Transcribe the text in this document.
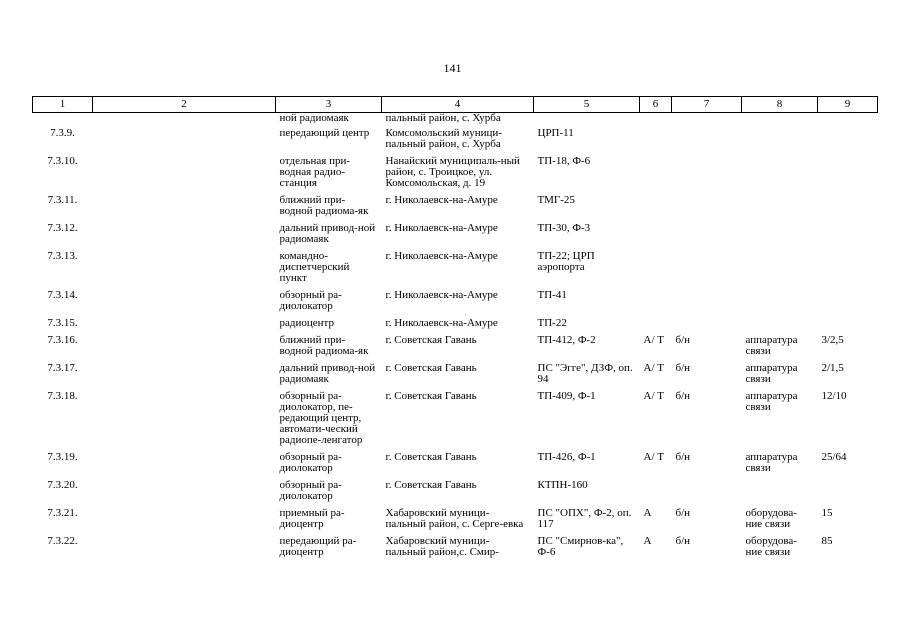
141
1	2	3	4	5	6	7	8	9
		ной радиомаяк	пальный район, с. Хурба					
7.3.9.		передающий центр	Комсомольский муници-пальный район, с. Хурба	ЦРП-11				
7.3.10.		отдельная при-водная радио-станция	Нанайский муниципаль-ный район, с. Троицкое, ул. Комсомольская, д. 19	ТП-18, Ф-6				
7.3.11.		ближний при-водной радиома-як	г. Николаевск-на-Амуре	ТМГ-25				
7.3.12.		дальний привод-ной радиомаяк	г. Николаевск-на-Амуре	ТП-30, Ф-3				
7.3.13.		командно-диспетчерский пункт	г. Николаевск-на-Амуре	ТП-22; ЦРП аэропорта				
7.3.14.		обзорный ра-диолокатор	г. Николаевск-на-Амуре	ТП-41				
7.3.15.		радиоцентр	г. Николаевск-на-Амуре	ТП-22				
7.3.16.		ближний при-водной радиома-як	г. Советская Гавань	ТП-412, Ф-2	А/ Т	б/н	аппаратура связи	3/2,5
7.3.17.		дальний привод-ной радиомаяк	г. Советская Гавань	ПС "Эгге", ДЗФ, оп. 94	А/ Т	б/н	аппаратура связи	2/1,5
7.3.18.		обзорный ра-диолокатор, пе-редающий центр, автомати-ческий радиопе-ленгатор	г. Советская Гавань	ТП-409, Ф-1	А/ Т	б/н	аппаратура связи	12/10
7.3.19.		обзорный ра-диолокатор	г. Советская Гавань	ТП-426, Ф-1	А/ Т	б/н	аппаратура связи	25/64
7.3.20.		обзорный ра-диолокатор	г. Советская Гавань	КТПН-160				
7.3.21.		приемный ра-диоцентр	Хабаровский муници-пальный район, с. Серге-евка	ПС "ОПХ", Ф-2, оп. 117	А	б/н	оборудова-ние связи	15
7.3.22.		передающий ра-диоцентр	Хабаровский муници-пальный район,с. Смир-	ПС "Смирнов-ка", Ф-6	А	б/н	оборудова-ние связи	85
